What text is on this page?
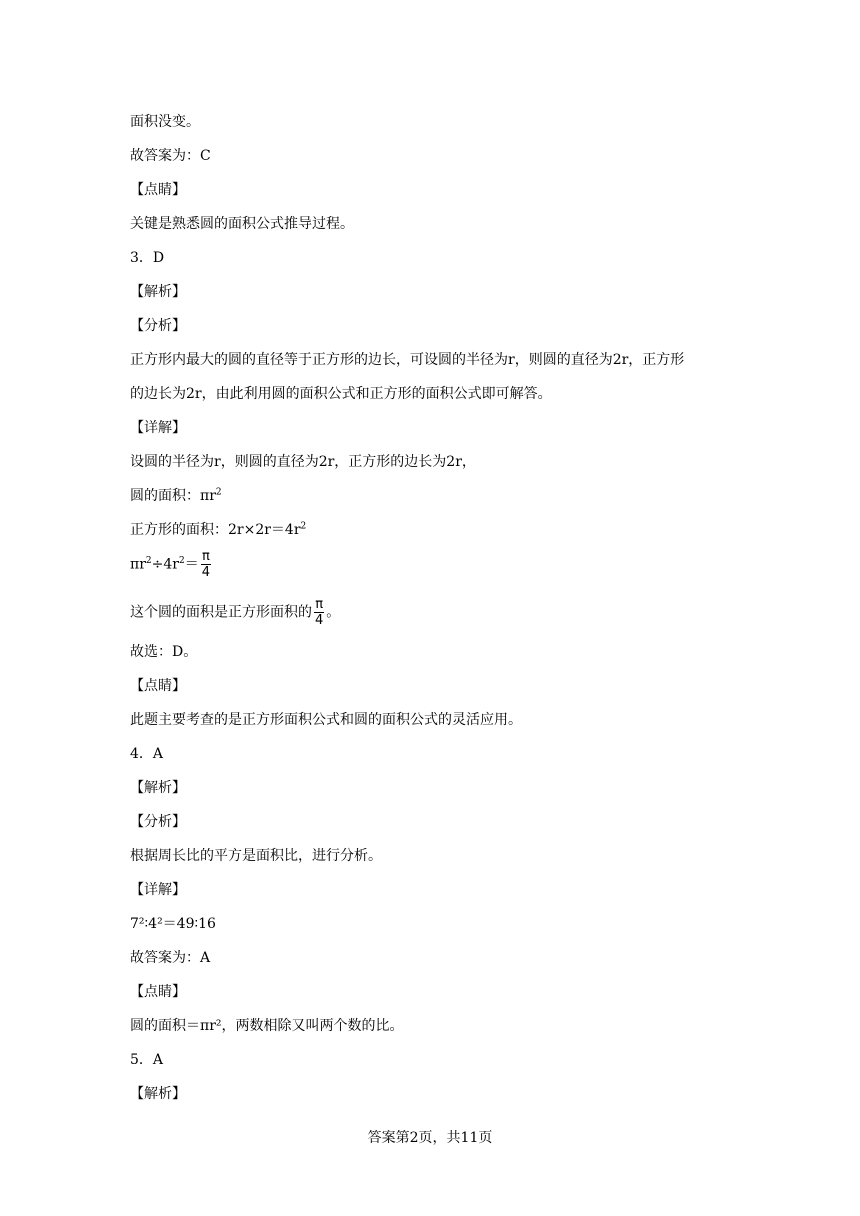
面积没变。
故答案为：C
【点睛】
关键是熟悉圆的面积公式推导过程。
3．D
【解析】
【分析】
正方形内最大的圆的直径等于正方形的边长，可设圆的半径为r，则圆的直径为2r，正方形
的边长为2r，由此利用圆的面积公式和正方形的面积公式即可解答。
【详解】
设圆的半径为r，则圆的直径为2r，正方形的边长为2r，
圆的面积：$\pi r^2$
正方形的面积：$2r\times 2r=4r^2$
$\pi r^2\div 4r^2= \frac{\pi}{4}$
这个圆的面积是正方形面积的 $\frac{\pi}{4}$ 。
故选：D。
【点睛】
此题主要考查的是正方形面积公式和圆的面积公式的灵活应用。
4．A
【解析】
【分析】
根据周长比的平方是面积比，进行分析。
【详解】
7²∶4²＝49∶16
故答案为：A
【点睛】
圆的面积＝πr²，两数相除又叫两个数的比。
5．A
【解析】
答案第2页，共11页
